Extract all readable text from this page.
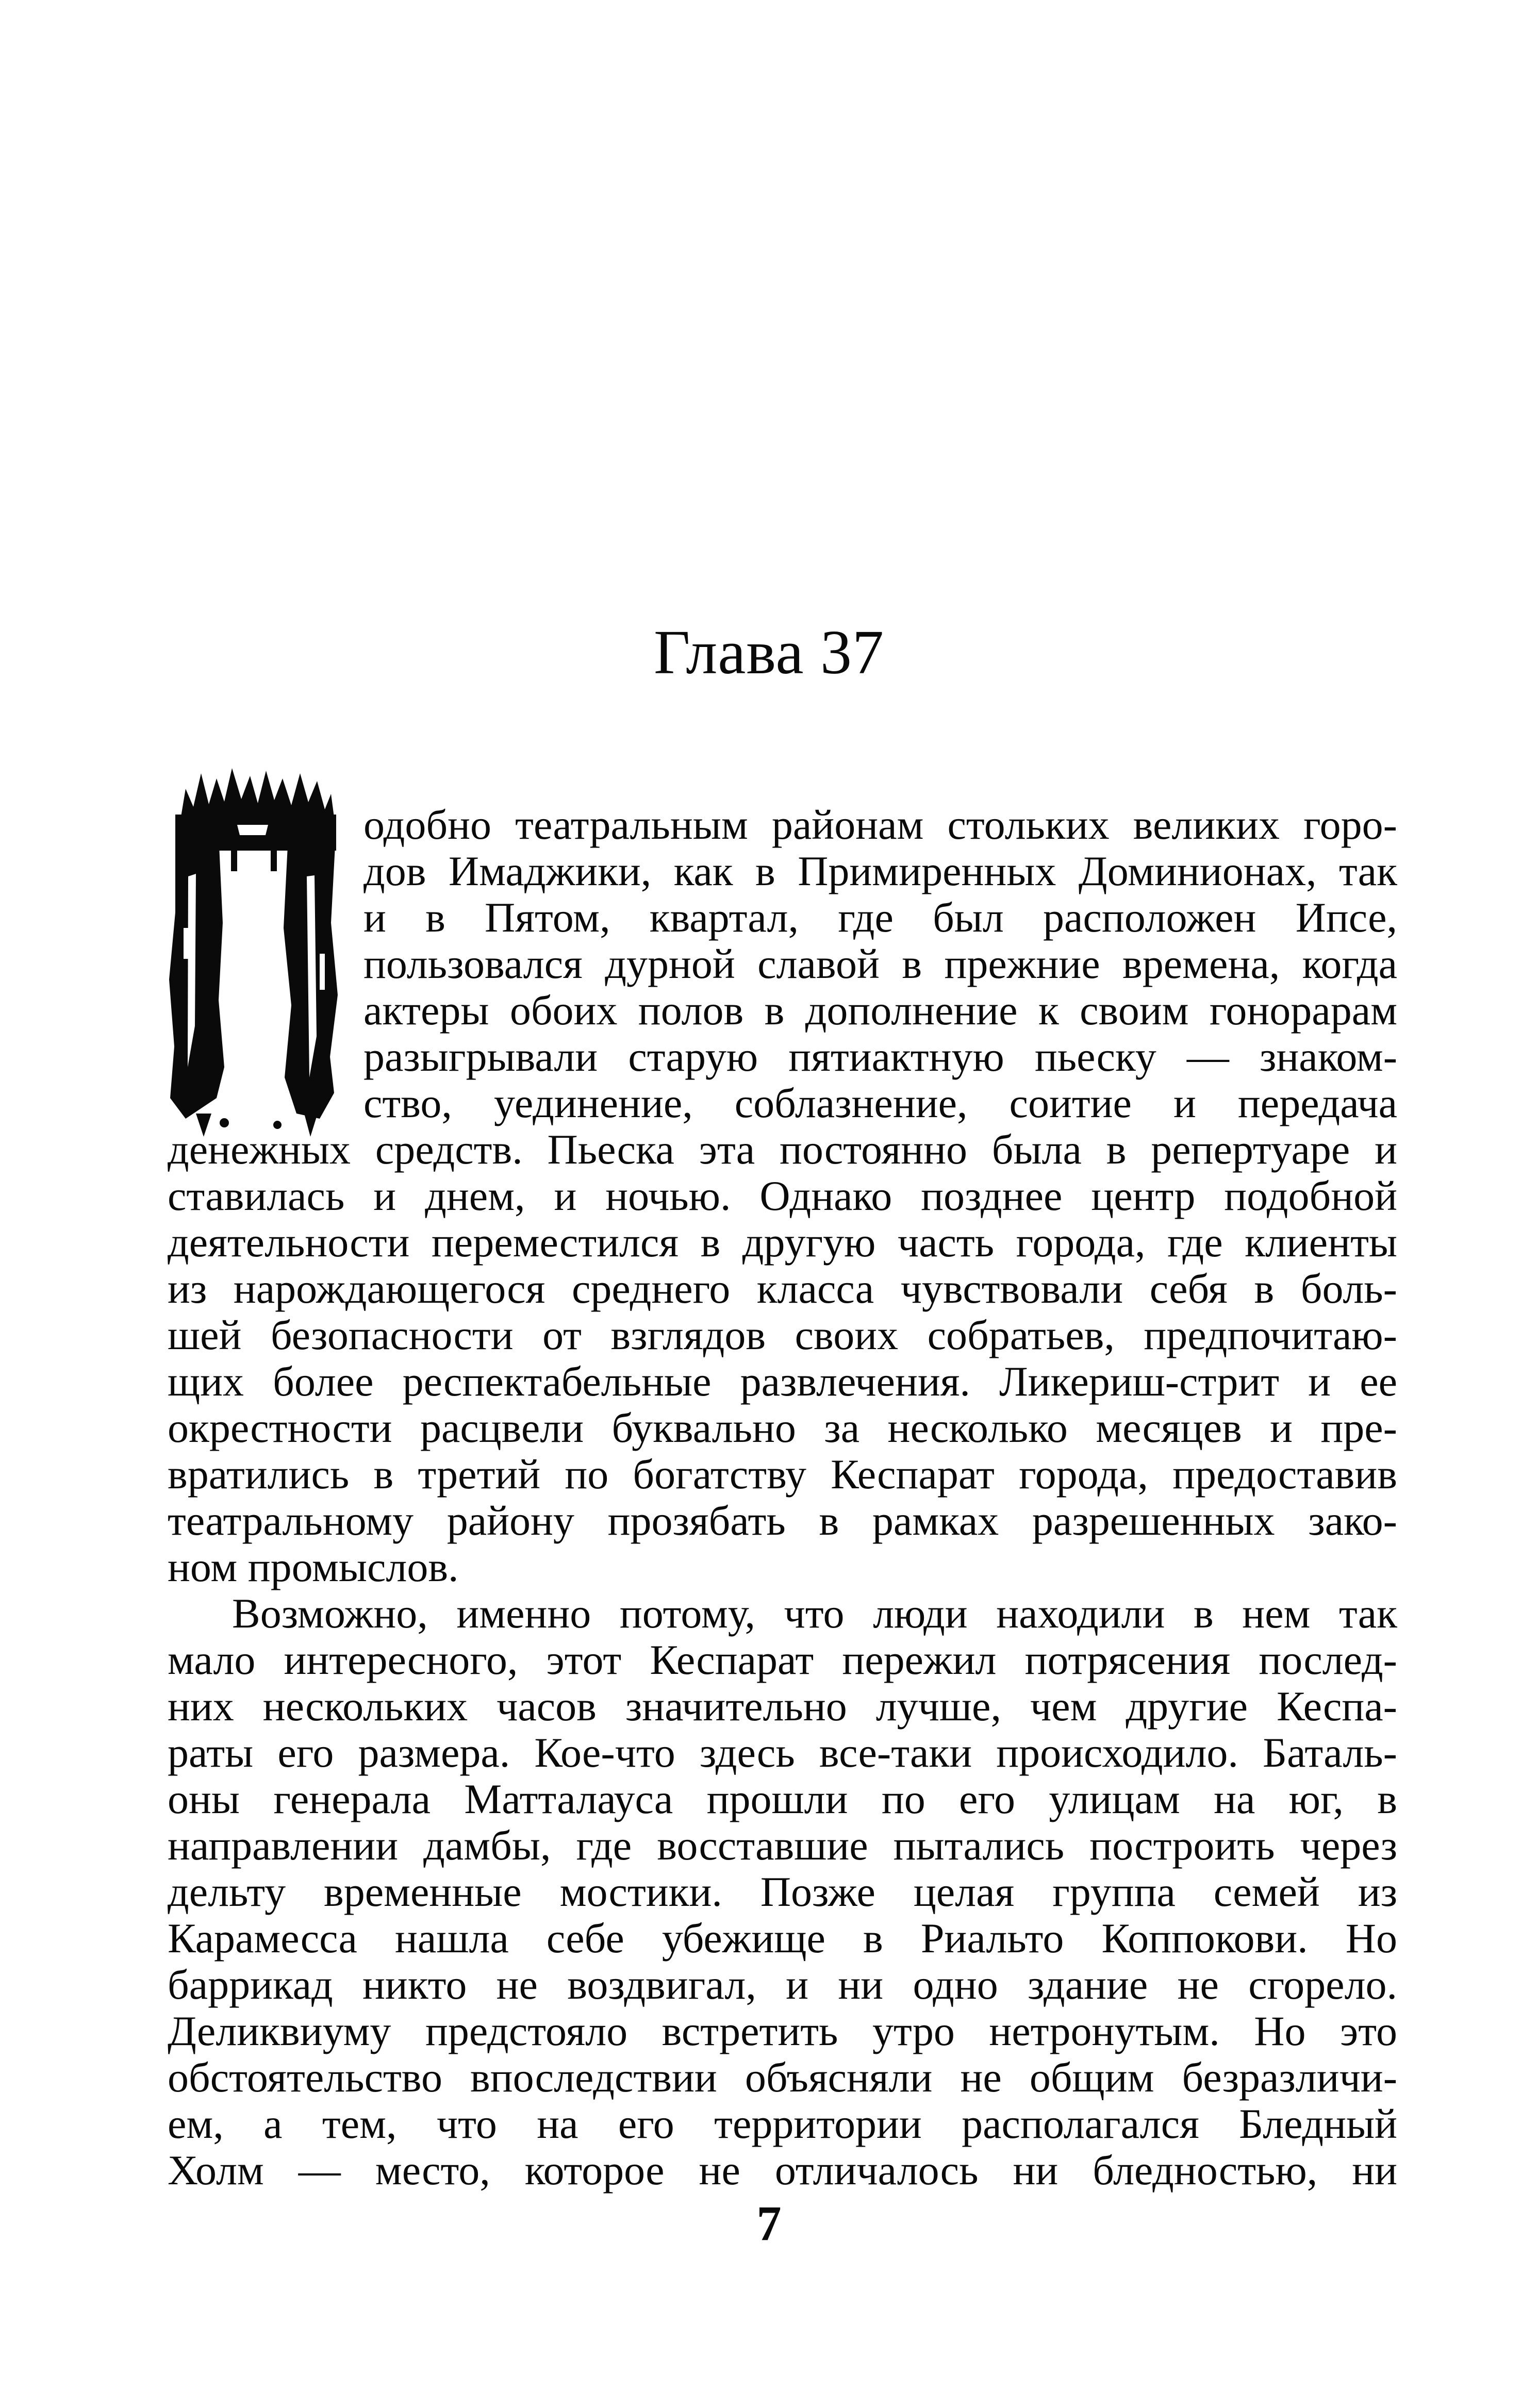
Глава 37
одобно театральным районам стольких великих горо-
дов Имаджики, как в Примиренных Доминионах, так
и в Пятом, квартал, где был расположен Ипсе,
пользовался дурной славой в прежние времена, когда
актеры обоих полов в дополнение к своим гонорарам
разыгрывали старую пятиактную пьеску — знаком-
ство, уединение, соблазнение, соитие и передача
денежных средств. Пьеска эта постоянно была в репертуаре и
ставилась и днем, и ночью. Однако позднее центр подобной
деятельности переместился в другую часть города, где клиенты
из нарождающегося среднего класса чувствовали себя в боль-
шей безопасности от взглядов своих собратьев, предпочитаю-
щих более респектабельные развлечения. Ликериш-стрит и ее
окрестности расцвели буквально за несколько месяцев и пре-
вратились в третий по богатству Кеспарат города, предоставив
театральному району прозябать в рамках разрешенных зако-
ном промыслов.
Возможно, именно потому, что люди находили в нем так
мало интересного, этот Кеспарат пережил потрясения послед-
них нескольких часов значительно лучше, чем другие Кеспа-
раты его размера. Кое-что здесь все-таки происходило. Баталь-
оны генерала Матталауса прошли по его улицам на юг, в
направлении дамбы, где восставшие пытались построить через
дельту временные мостики. Позже целая группа семей из
Карамесса нашла себе убежище в Риальто Коппокови. Но
баррикад никто не воздвигал, и ни одно здание не сгорело.
Деликвиуму предстояло встретить утро нетронутым. Но это
обстоятельство впоследствии объясняли не общим безразличи-
ем, а тем, что на его территории располагался Бледный
Холм — место, которое не отличалось ни бледностью, ни
7
